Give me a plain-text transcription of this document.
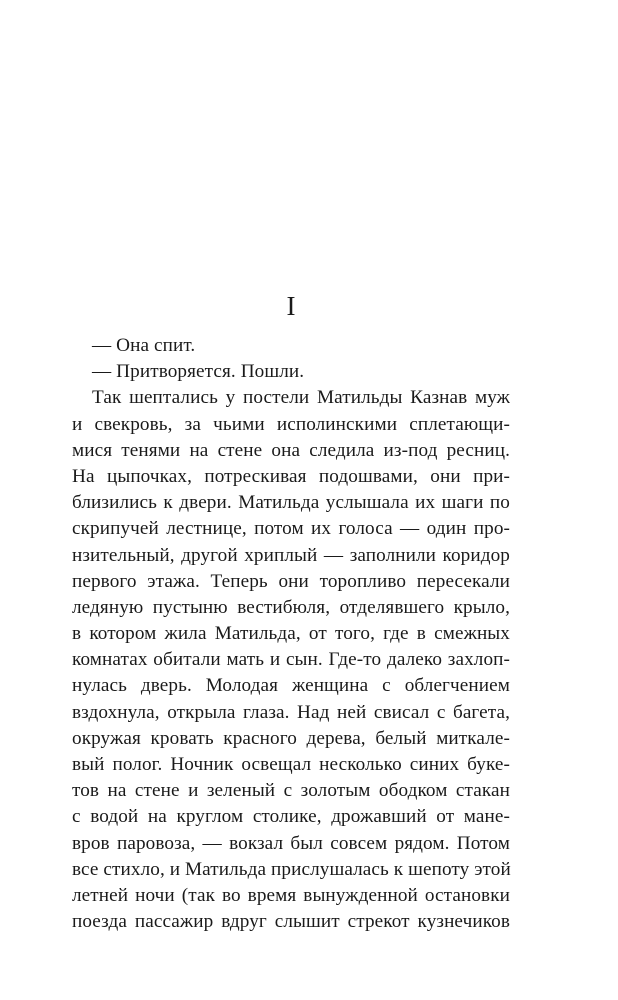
I
— Она спит.
— Притворяется. Пошли.
Так шептались у постели Матильды Казнав муж
и свекровь, за чьими исполинскими сплетающи-
мися тенями на стене она следила из-под ресниц.
На цыпочках, потрескивая подошвами, они при-
близились к двери. Матильда услышала их шаги по
скрипучей лестнице, потом их голоса — один про-
нзительный, другой хриплый — заполнили коридор
первого этажа. Теперь они торопливо пересекали
ледяную пустыню вестибюля, отделявшего крыло,
в котором жила Матильда, от того, где в смежных
комнатах обитали мать и сын. Где-то далеко захлоп-
нулась дверь. Молодая женщина с облегчением
вздохнула, открыла глаза. Над ней свисал с багета,
окружая кровать красного дерева, белый миткале-
вый полог. Ночник освещал несколько синих буке-
тов на стене и зеленый с золотым ободком стакан
с водой на круглом столике, дрожавший от мане-
вров паровоза, — вокзал был совсем рядом. Потом
все стихло, и Матильда прислушалась к шепоту этой
летней ночи (так во время вынужденной остановки
поезда пассажир вдруг слышит стрекот кузнечиков
